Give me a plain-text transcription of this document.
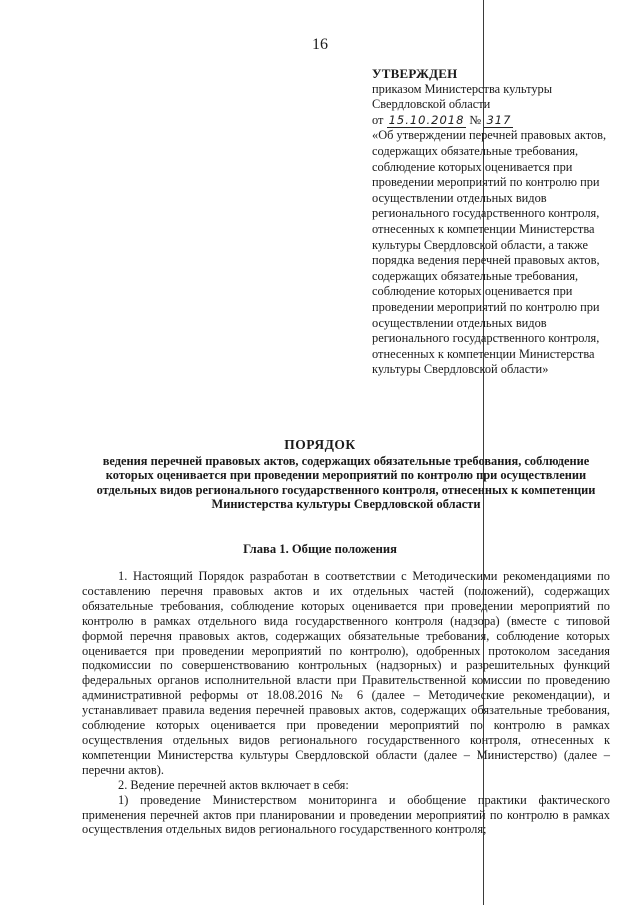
16
УТВЕРЖДЕН
приказом Министерства культуры
Свердловской области
от 15.10.2018 № 317
«Об утверждении перечней правовых актов, содержащих обязательные требования, соблюдение которых оценивается при проведении мероприятий по контролю при осуществлении отдельных видов регионального государственного контроля, отнесенных к компетенции Министерства культуры Свердловской области, а также порядка ведения перечней правовых актов, содержащих обязательные требования, соблюдение которых оценивается при проведении мероприятий по контролю при осуществлении отдельных видов регионального государственного контроля, отнесенных к компетенции Министерства культуры Свердловской области»
ПОРЯДОК
ведения перечней правовых актов, содержащих обязательные требования, соблюдение которых оценивается при проведении мероприятий по контролю при осуществлении отдельных видов регионального государственного контроля, отнесенных к компетенции Министерства культуры Свердловской области
Глава 1. Общие положения

1. Настоящий Порядок разработан в соответствии с Методическими рекомендациями по составлению перечня правовых актов и их отдельных частей (положений), содержащих обязательные требования, соблюдение которых оценивается при проведении мероприятий по контролю в рамках отдельного вида государственного контроля (надзора) (вместе с типовой формой перечня правовых актов, содержащих обязательные требования, соблюдение которых оценивается при проведении мероприятий по контролю), одобренных протоколом заседания подкомиссии по совершенствованию контрольных (надзорных) и разрешительных функций федеральных органов исполнительной власти при Правительственной комиссии по проведению административной реформы от 18.08.2016 № 6 (далее – Методические рекомендации), и устанавливает правила ведения перечней правовых актов, содержащих обязательные требования, соблюдение которых оценивается при проведении мероприятий по контролю в рамках осуществления отдельных видов регионального государственного контроля, отнесенных к компетенции Министерства культуры Свердловской области (далее – Министерство) (далее – перечни актов).

2. Ведение перечней актов включает в себя:

1) проведение Министерством мониторинга и обобщение практики фактического применения перечней актов при планировании и проведении мероприятий по контролю в рамках осуществления отдельных видов регионального государственного контроля;
